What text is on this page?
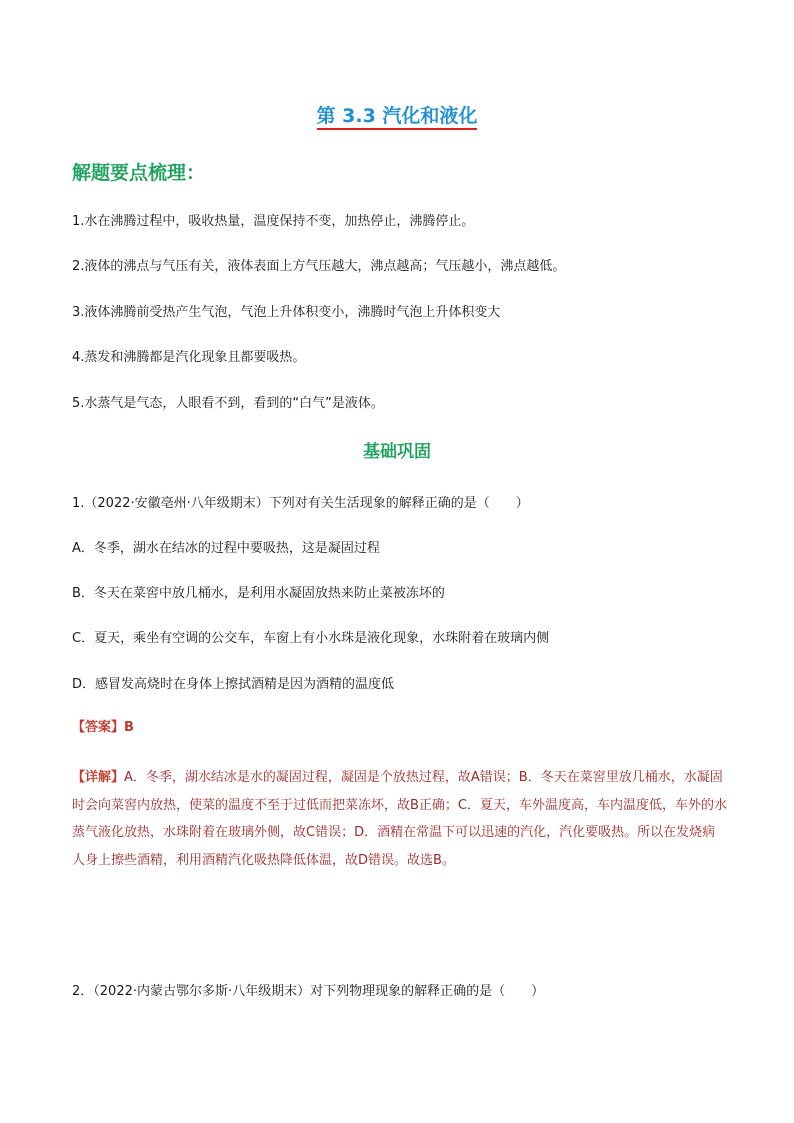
第 3.3 汽化和液化
解题要点梳理：
1.水在沸腾过程中，吸收热量，温度保持不变，加热停止，沸腾停止。
2.液体的沸点与气压有关，液体表面上方气压越大，沸点越高；气压越小，沸点越低。
3.液体沸腾前受热产生气泡，气泡上升体积变小，沸腾时气泡上升体积变大
4.蒸发和沸腾都是汽化现象且都要吸热。
5.水蒸气是气态，人眼看不到，看到的“白气”是液体。
基础巩固
1.（2022·安徽亳州·八年级期末）下列对有关生活现象的解释正确的是（　　）
A．冬季，湖水在结冰的过程中要吸热，这是凝固过程
B．冬天在菜窖中放几桶水，是利用水凝固放热来防止菜被冻坏的
C．夏天，乘坐有空调的公交车，车窗上有小水珠是液化现象，水珠附着在玻璃内侧
D．感冒发高烧时在身体上擦拭酒精是因为酒精的温度低
【答案】B
【详解】A．冬季，湖水结冰是水的凝固过程，凝固是个放热过程，故A错误；B．冬天在菜窖里放几桶水，水凝固时会向菜窖内放热，使菜的温度不至于过低而把菜冻坏，故B正确；C．夏天，车外温度高，车内温度低，车外的水蒸气液化放热，水珠附着在玻璃外侧，故C错误；D．酒精在常温下可以迅速的汽化，汽化要吸热。所以在发烧病人身上擦些酒精，利用酒精汽化吸热降低体温，故D错误。故选B。
2．（2022·内蒙古鄂尔多斯·八年级期末）对下列物理现象的解释正确的是（　　）
